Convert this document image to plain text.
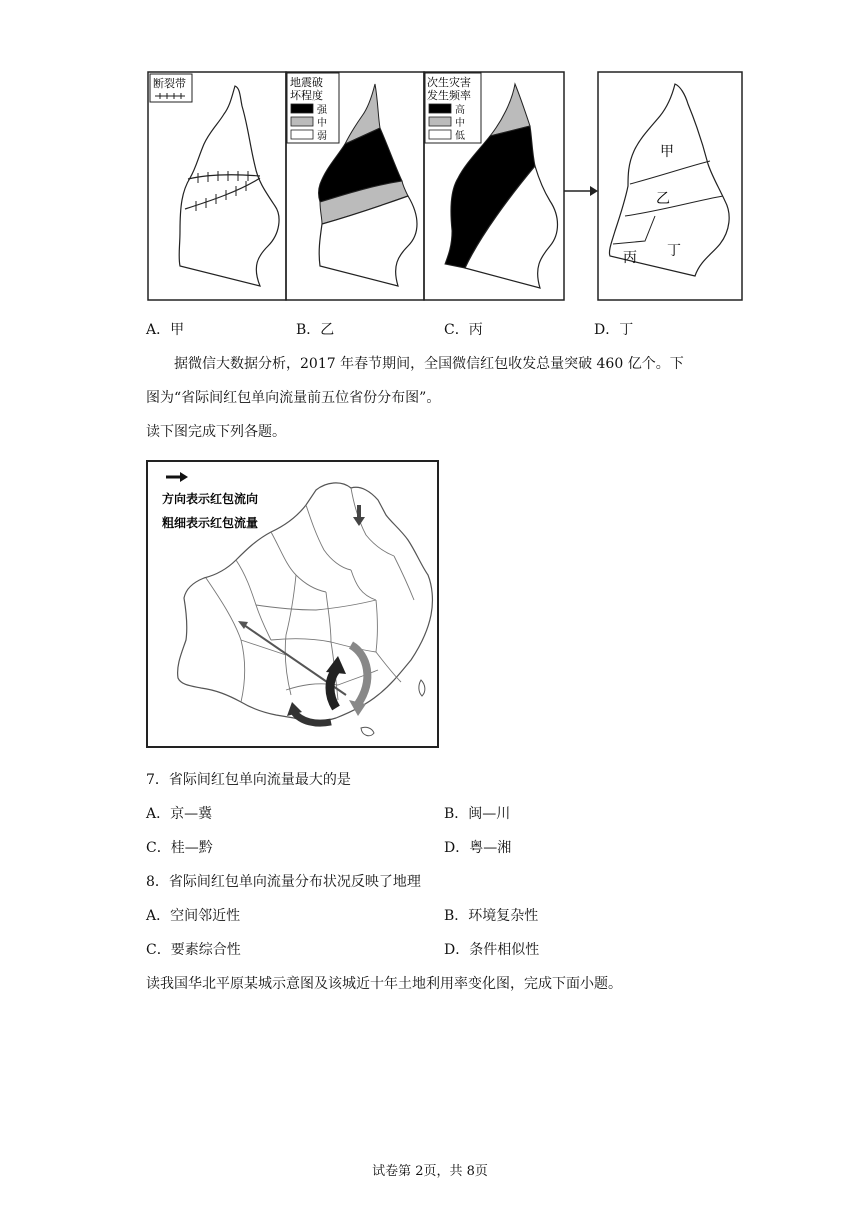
断裂带	地震破
坏程度
强
中
弱
次生灾害
发生频率
高
中
低
甲
乙
丙 丁
A．甲	B．乙	C．丙	D．丁
据微信大数据分析，2017 年春节期间，全国微信红包收发总量突破 460 亿个。下
图为“省际间红包单向流量前五位省份分布图”。
读下图完成下列各题。
方向表示红包流向
粗细表示红包流量
7．省际间红包单向流量最大的是
A．京—冀	B．闽—川
C．桂—黔	D．粤—湘
8．省际间红包单向流量分布状况反映了地理
A．空间邻近性	B．环境复杂性
C．要素综合性	D．条件相似性
读我国华北平原某城示意图及该城近十年土地利用率变化图，完成下面小题。
试卷第 2页，共 8页
